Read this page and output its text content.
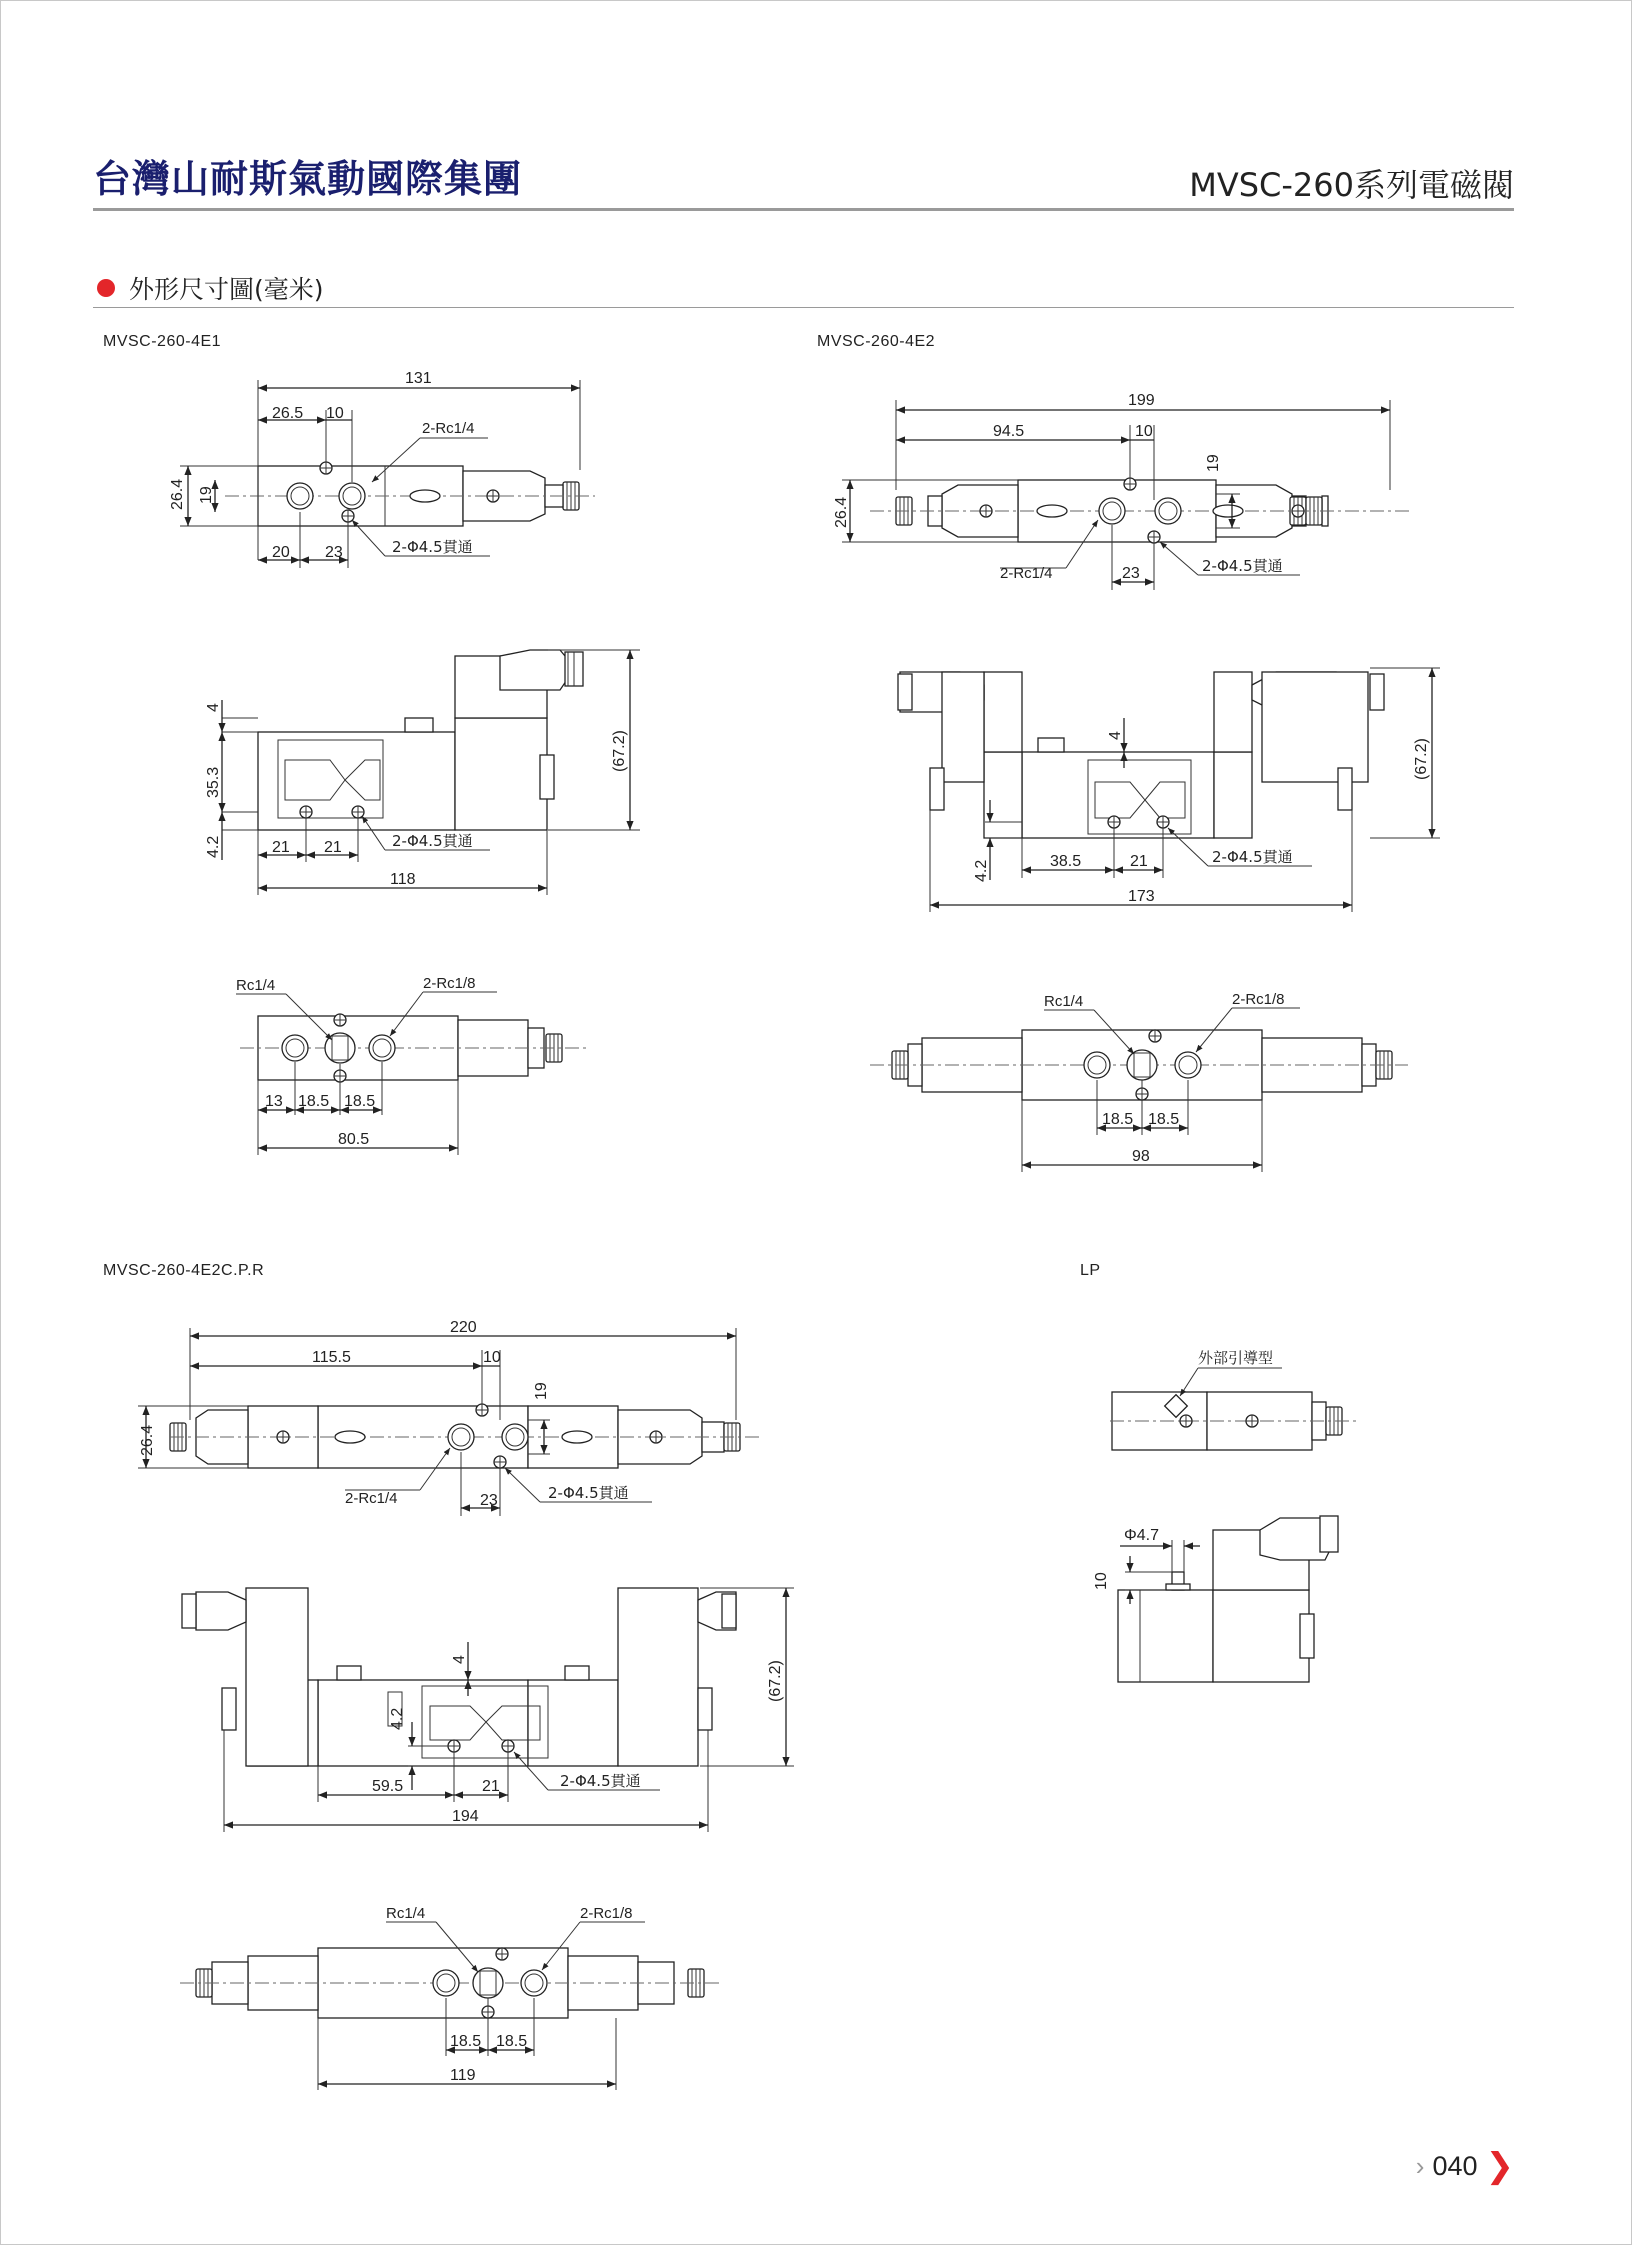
台灣山耐斯氣動國際集團	MVSC-260系列電磁閥
外形尺寸圖(毫米)
MVSC-260-4E1	MVSC-260-4E2
MVSC-260-4E2C.P.R	LP
131
26.5 10
26.4 19
20 23
2-Rc1/4
2-Φ4.5貫通
4
35.3
4.2
(67.2)
21 21
118
2-Φ4.5貫通
Rc1/4	2-Rc1/8
13 18.5 18.5
80.5
199
94.5	10
26.4
19
23
2-Rc1/4	2-Φ4.5貫通
4
4.2
(67.2)
38.5	21
173
2-Φ4.5貫通
Rc1/4	2-Rc1/8
18.5 18.5
98
220
115.5	10
26.4
19
23
2-Rc1/4	2-Φ4.5貫通
4
4.2
(67.2)
59.5	21
194
2-Φ4.5貫通
Rc1/4	2-Rc1/8
18.5 18.5
119
外部引導型
10
Φ4.7
› 040 ❯
